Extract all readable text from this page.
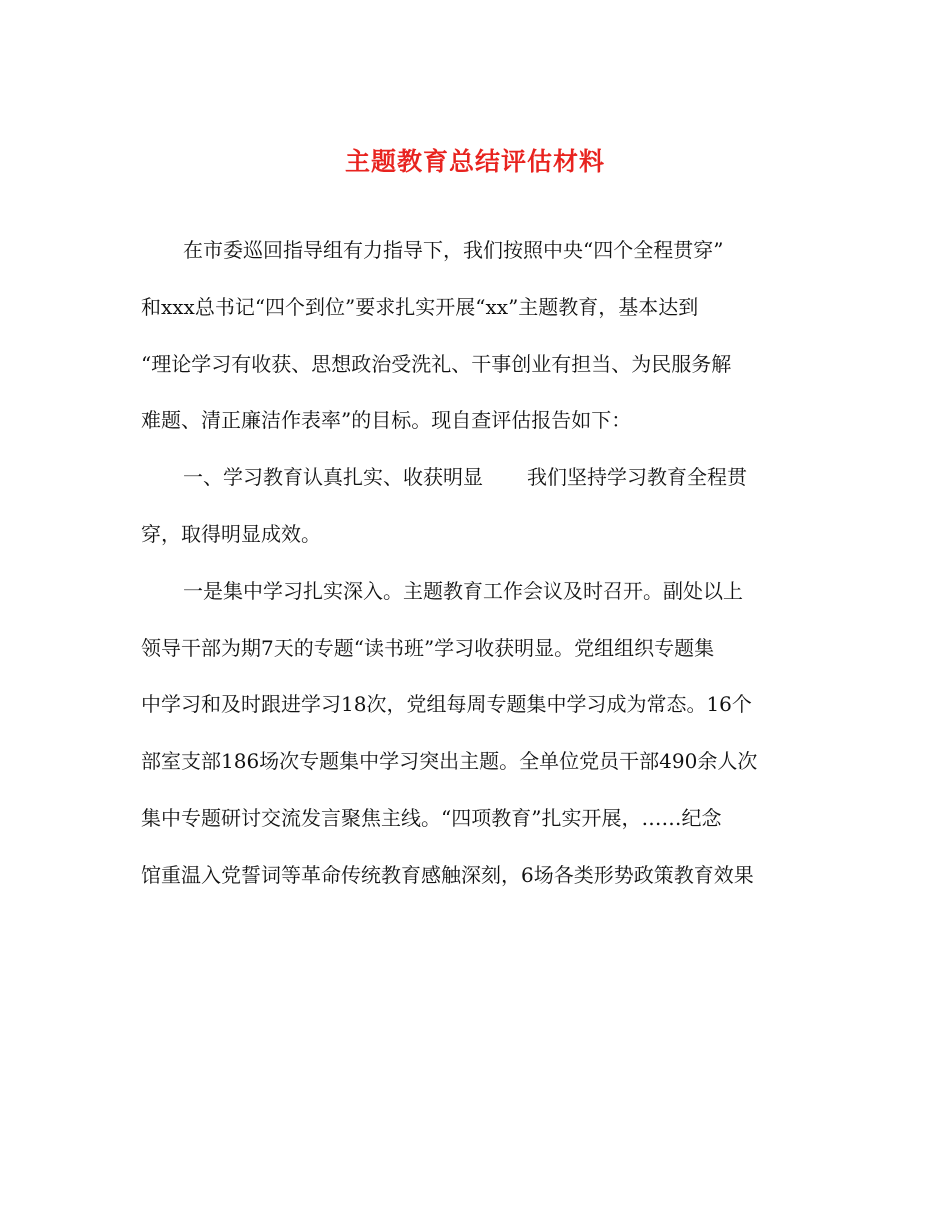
主题教育总结评估材料
在市委巡回指导组有力指导下，我们按照中央“四个全程贯穿”
和xxx总书记“四个到位”要求扎实开展“xx”主题教育，基本达到
“理论学习有收获、思想政治受洗礼、干事创业有担当、为民服务解
难题、清正廉洁作表率”的目标。现自查评估报告如下：
一、学习教育认真扎实、收获明显 我们坚持学习教育全程贯
穿，取得明显成效。
一是集中学习扎实深入。主题教育工作会议及时召开。副处以上
领导干部为期7天的专题“读书班”学习收获明显。党组组织专题集
中学习和及时跟进学习18次，党组每周专题集中学习成为常态。16个
部室支部186场次专题集中学习突出主题。全单位党员干部490余人次
集中专题研讨交流发言聚焦主线。“四项教育”扎实开展，……纪念
馆重温入党誓词等革命传统教育感触深刻，6场各类形势政策教育效果
